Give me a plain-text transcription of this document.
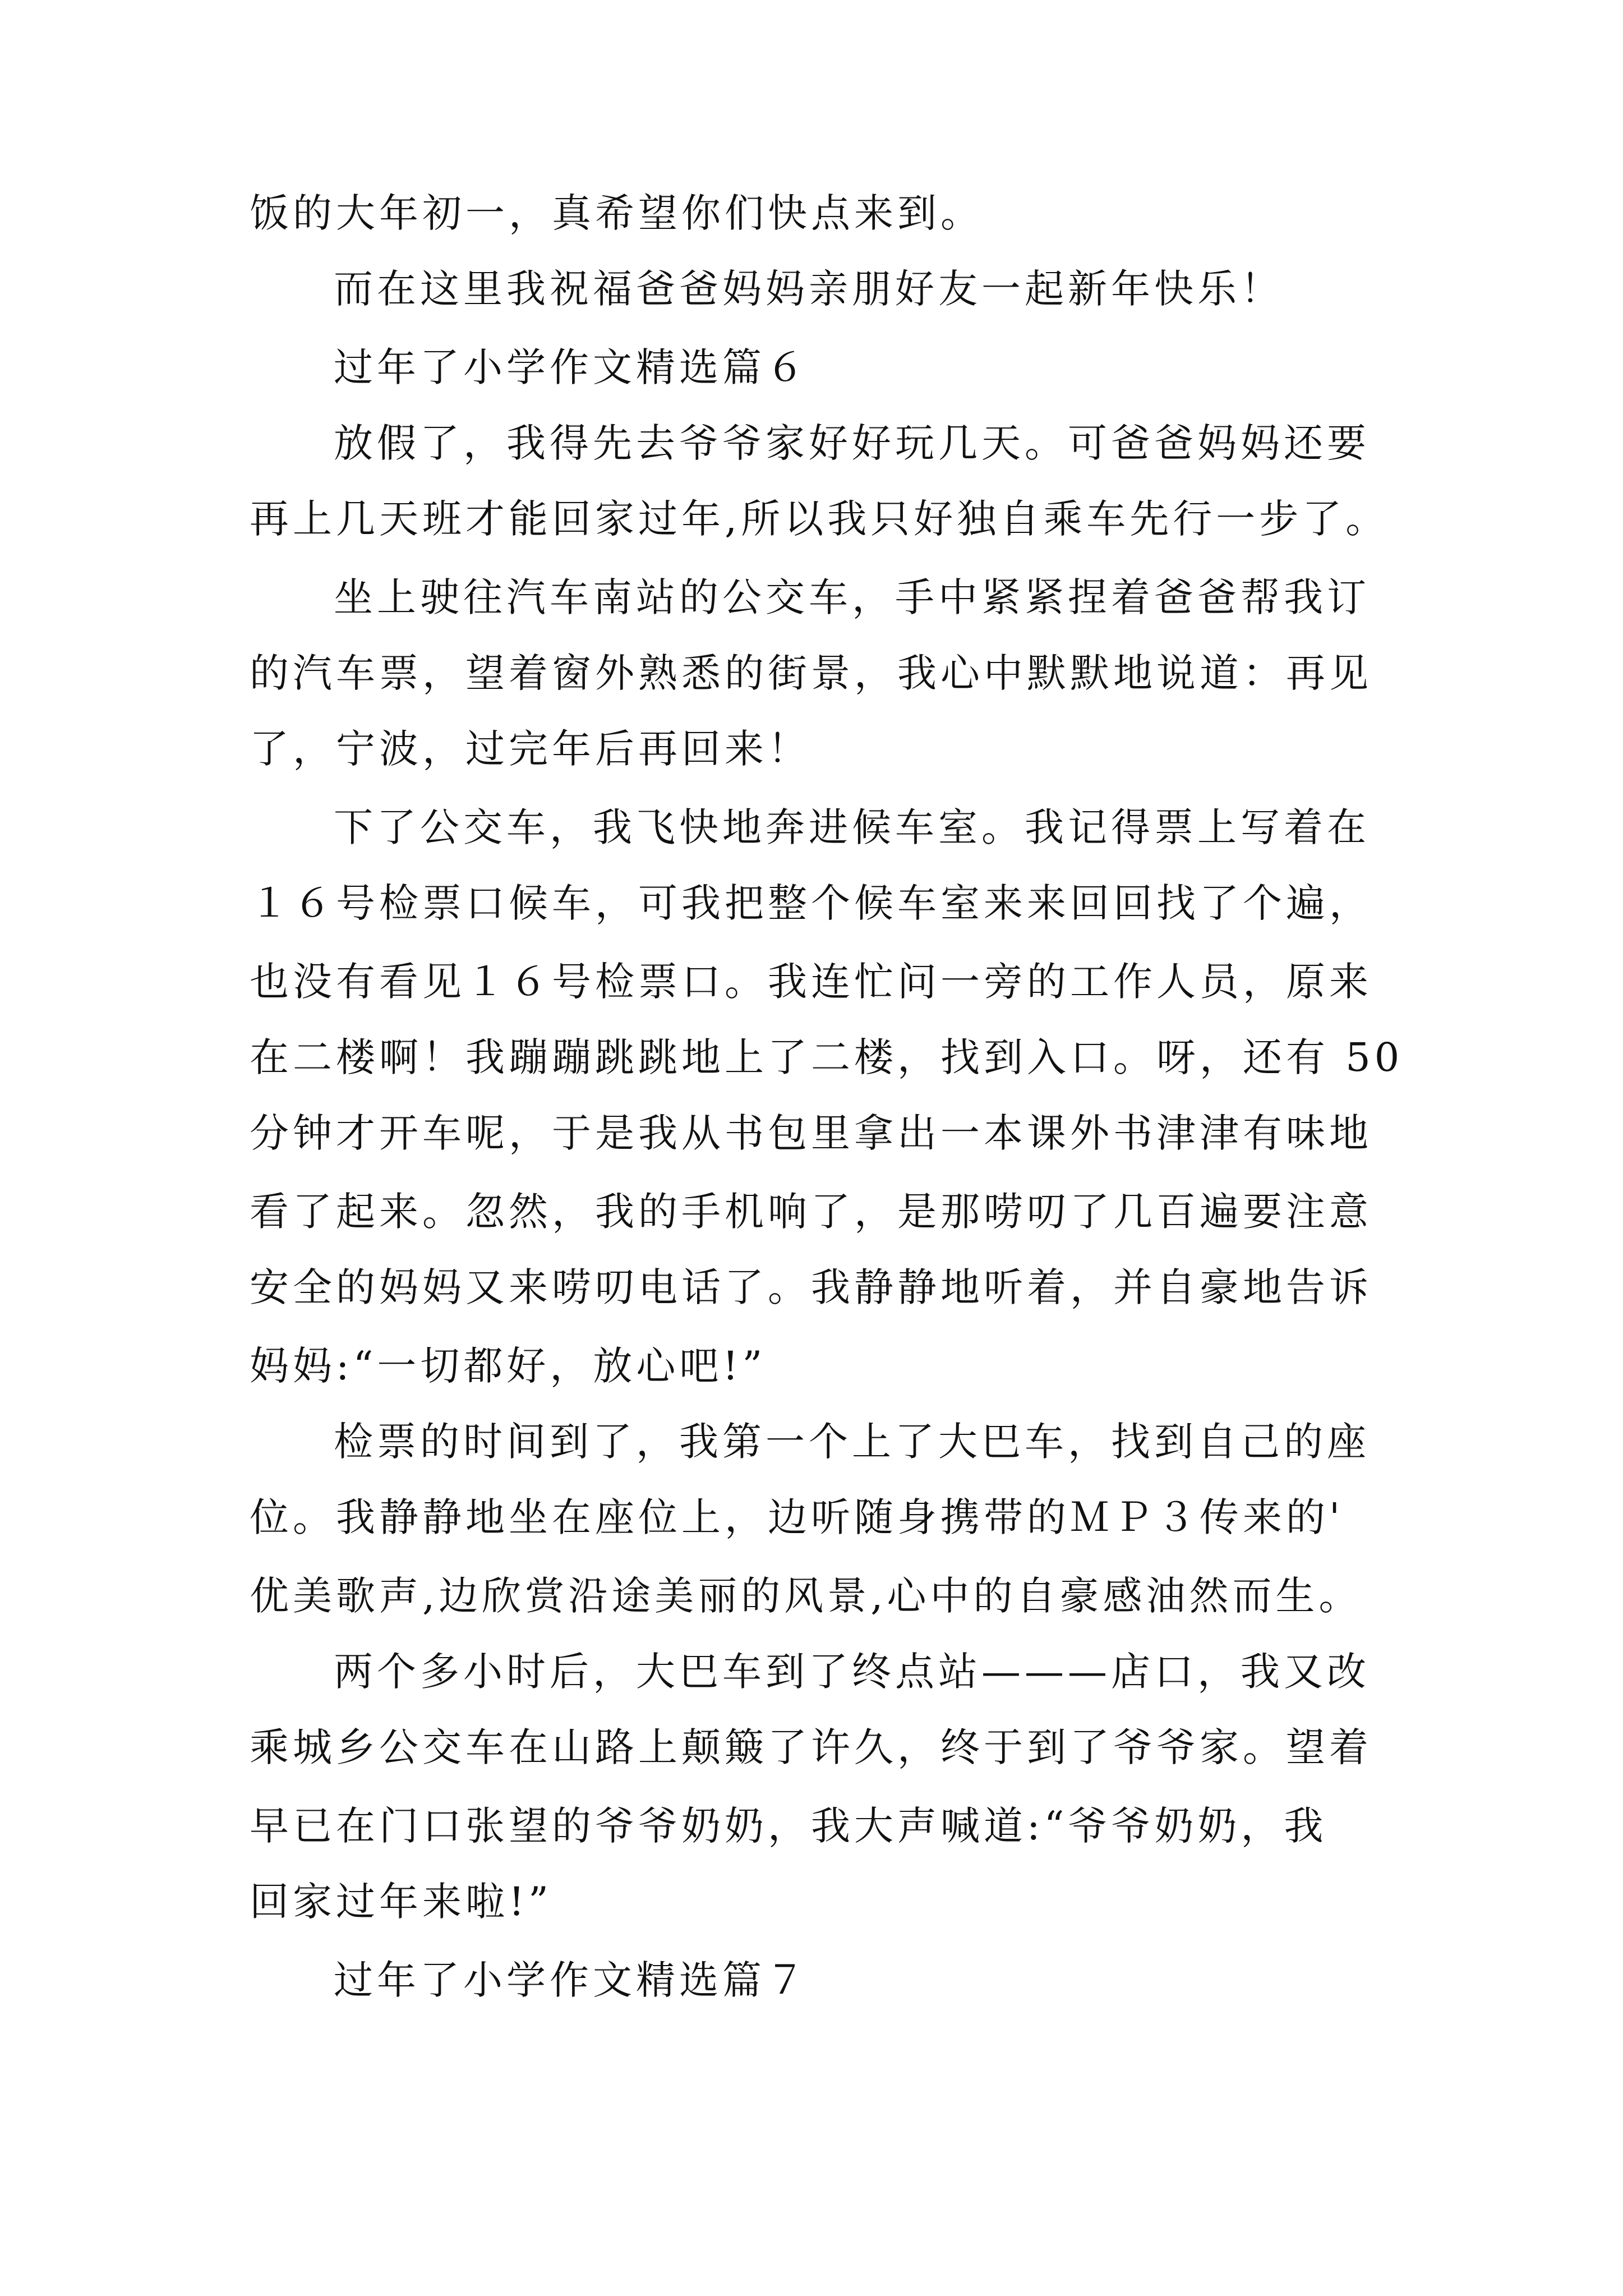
饭的大年初一，真希望你们快点来到。
而在这里我祝福爸爸妈妈亲朋好友一起新年快乐！
过年了小学作文精选篇６
放假了，我得先去爷爷家好好玩几天。可爸爸妈妈还要
再上几天班才能回家过年,所以我只好独自乘车先行一步了。
坐上驶往汽车南站的公交车，手中紧紧捏着爸爸帮我订
的汽车票，望着窗外熟悉的街景，我心中默默地说道：再见
了，宁波，过完年后再回来！
下了公交车，我飞快地奔进候车室。我记得票上写着在
１６号检票口候车，可我把整个候车室来来回回找了个遍，
也没有看见１６号检票口。我连忙问一旁的工作人员，原来
在二楼啊！我蹦蹦跳跳地上了二楼，找到入口。呀，还有 50
分钟才开车呢，于是我从书包里拿出一本课外书津津有味地
看了起来。忽然，我的手机响了，是那唠叨了几百遍要注意
安全的妈妈又来唠叨电话了。我静静地听着，并自豪地告诉
妈妈:“一切都好，放心吧!”
检票的时间到了，我第一个上了大巴车，找到自己的座
位。我静静地坐在座位上，边听随身携带的ＭＰ３传来的'
优美歌声,边欣赏沿途美丽的风景,心中的自豪感油然而生。
两个多小时后，大巴车到了终点站———店口，我又改
乘城乡公交车在山路上颠簸了许久，终于到了爷爷家。望着
早已在门口张望的爷爷奶奶，我大声喊道:“爷爷奶奶，我
回家过年来啦!”
过年了小学作文精选篇７
